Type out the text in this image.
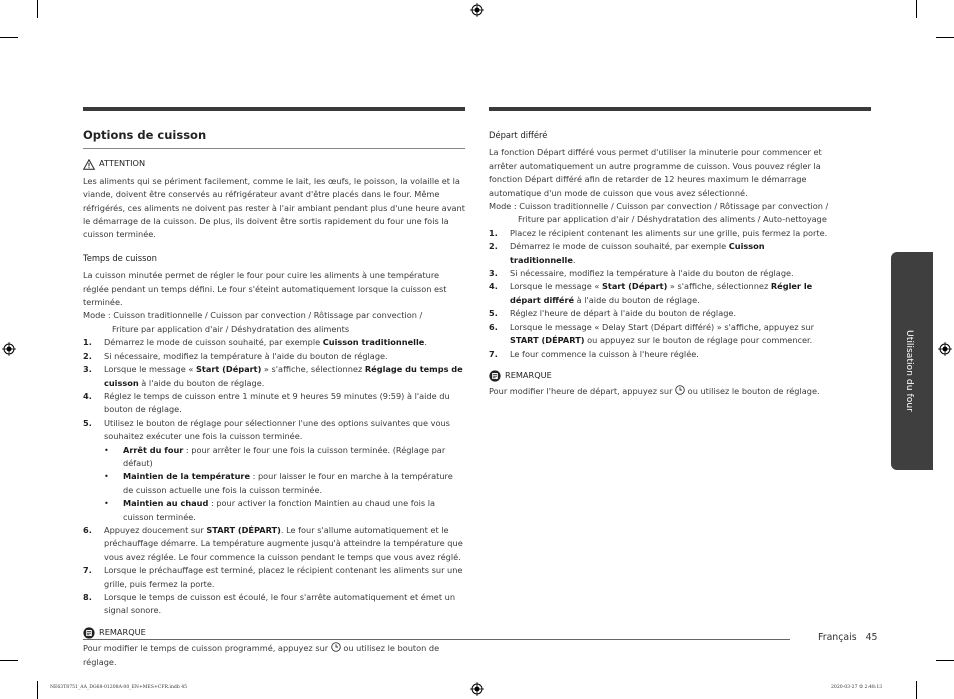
Options de cuisson
ATTENTION

Les aliments qui se périment facilement, comme le lait, les œufs, le poisson, la volaille et la viande, doivent être conservés au réfrigérateur avant d'être placés dans le four. Même réfrigérés, ces aliments ne doivent pas rester à l'air ambiant pendant plus d'une heure avant le démarrage de la cuisson. De plus, ils doivent être sortis rapidement du four une fois la cuisson terminée.

Temps de cuisson

La cuisson minutée permet de régler le four pour cuire les aliments à une température réglée pendant un temps défini. Le four s'éteint automatiquement lorsque la cuisson est terminée.

Mode : Cuisson traditionnelle / Cuisson par convection / Rôtissage par convection /

Friture par application d'air / Déshydratation des aliments

1.	Démarrez le mode de cuisson souhaité, par exemple Cuisson traditionnelle.
2.	Si nécessaire, modifiez la température à l'aide du bouton de réglage.
3.	Lorsque le message « Start (Départ) » s'affiche, sélectionnez Réglage du temps de cuisson à l'aide du bouton de réglage.
4.	Réglez le temps de cuisson entre 1 minute et 9 heures 59 minutes (9:59) à l'aide du bouton de réglage.
5.	Utilisez le bouton de réglage pour sélectionner l'une des options suivantes que vous souhaitez exécuter une fois la cuisson terminée.
•	Arrêt du four : pour arrêter le four une fois la cuisson terminée. (Réglage par défaut)
•	Maintien de la température : pour laisser le four en marche à la température de cuisson actuelle une fois la cuisson terminée.
•	Maintien au chaud : pour activer la fonction Maintien au chaud une fois la cuisson terminée.
6.	Appuyez doucement sur START (DÉPART). Le four s'allume automatiquement et le préchauffage démarre. La température augmente jusqu'à atteindre la température que vous avez réglée. Le four commence la cuisson pendant le temps que vous avez réglé.
7.	Lorsque le préchauffage est terminé, placez le récipient contenant les aliments sur une grille, puis fermez la porte.
8.	Lorsque le temps de cuisson est écoulé, le four s'arrête automatiquement et émet un signal sonore.
REMARQUE

Pour modifier le temps de cuisson programmé, appuyez sur  ou utilisez le bouton de réglage.

Départ différé

La fonction Départ différé vous permet d'utiliser la minuterie pour commencer et arrêter automatiquement un autre programme de cuisson. Vous pouvez régler la fonction Départ différé afin de retarder de 12 heures maximum le démarrage automatique d'un mode de cuisson que vous avez sélectionné.

Mode : Cuisson traditionnelle / Cuisson par convection / Rôtissage par convection /

Friture par application d'air / Déshydratation des aliments / Auto-nettoyage

1.	Placez le récipient contenant les aliments sur une grille, puis fermez la porte.
2.	Démarrez le mode de cuisson souhaité, par exemple Cuisson traditionnelle.
3.	Si nécessaire, modifiez la température à l'aide du bouton de réglage.
4.	Lorsque le message « Start (Départ) » s'affiche, sélectionnez Régler le départ différé à l'aide du bouton de réglage.
5.	Réglez l'heure de départ à l'aide du bouton de réglage.
6.	Lorsque le message « Delay Start (Départ différé) » s'affiche, appuyez sur START (DÉPART) ou appuyez sur le bouton de réglage pour commencer.
7.	Le four commence la cuisson à l'heure réglée.
REMARQUE

Pour modifier l'heure de départ, appuyez sur  ou utilisez le bouton de réglage.	Utilisation du four
Français 45
NE63T8751_AA_DG68-01208A-00_EN+MES+CFR.indb 45	2020-03-27 ☺ 2:48:13
